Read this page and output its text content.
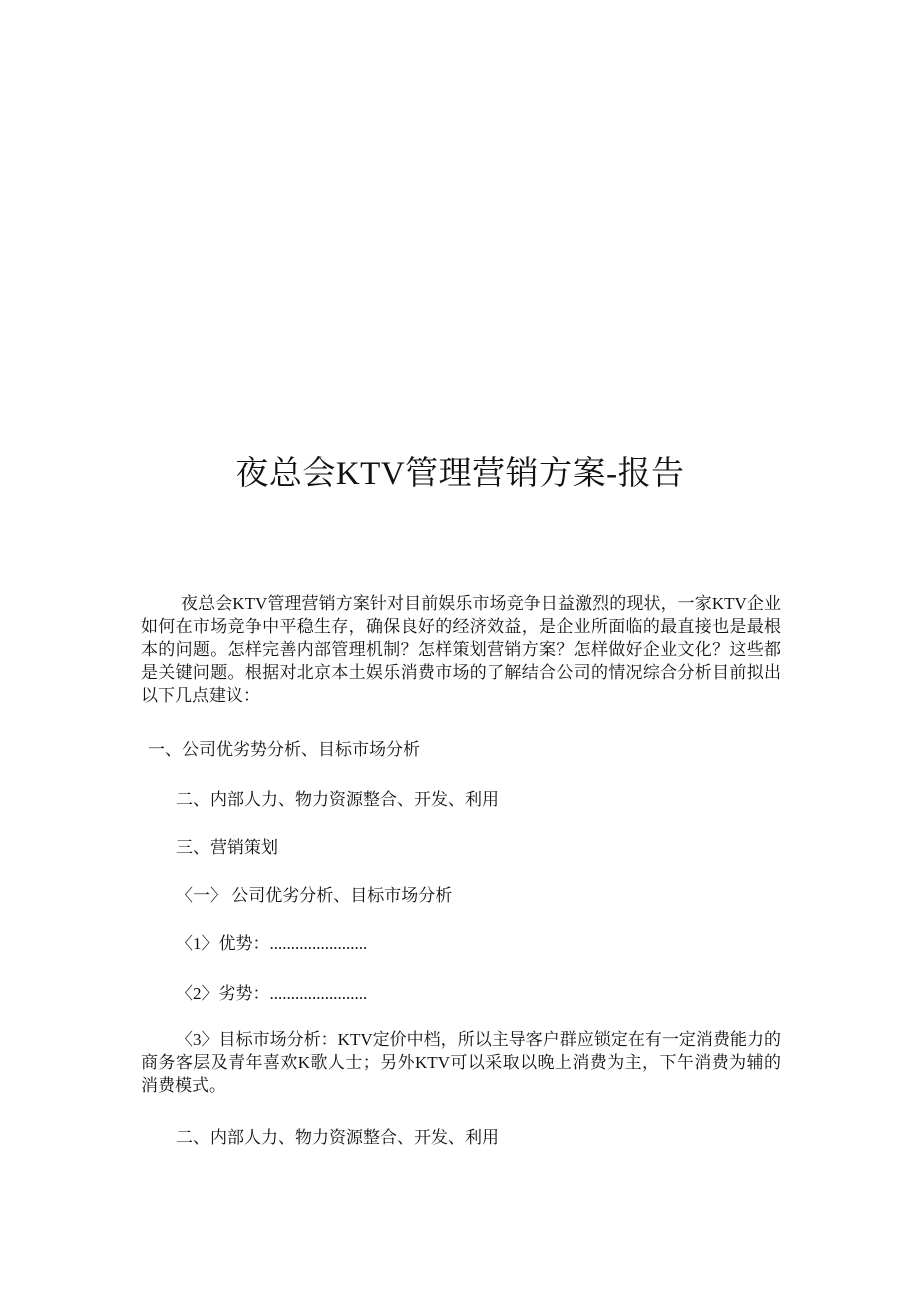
夜总会KTV管理营销方案-报告

夜总会KTV管理营销方案针对目前娱乐市场竞争日益激烈的现状，一家KTV企业如何在市场竞争中平稳生存，确保良好的经济效益，是企业所面临的最直接也是最根本的问题。怎样完善内部管理机制？怎样策划营销方案？怎样做好企业文化？这些都是关键问题。根据对北京本土娱乐消费市场的了解结合公司的情况综合分析目前拟出以下几点建议：

一、公司优劣势分析、目标市场分析

二、内部人力、物力资源整合、开发、利用

三、营销策划

〈一〉 公司优劣分析、目标市场分析

〈1〉优势：.......................

〈2〉劣势：.......................

〈3〉目标市场分析：KTV定价中档，所以主导客户群应锁定在有一定消费能力的商务客层及青年喜欢K歌人士；另外KTV可以采取以晚上消费为主，下午消费为辅的消费模式。

二、内部人力、物力资源整合、开发、利用
